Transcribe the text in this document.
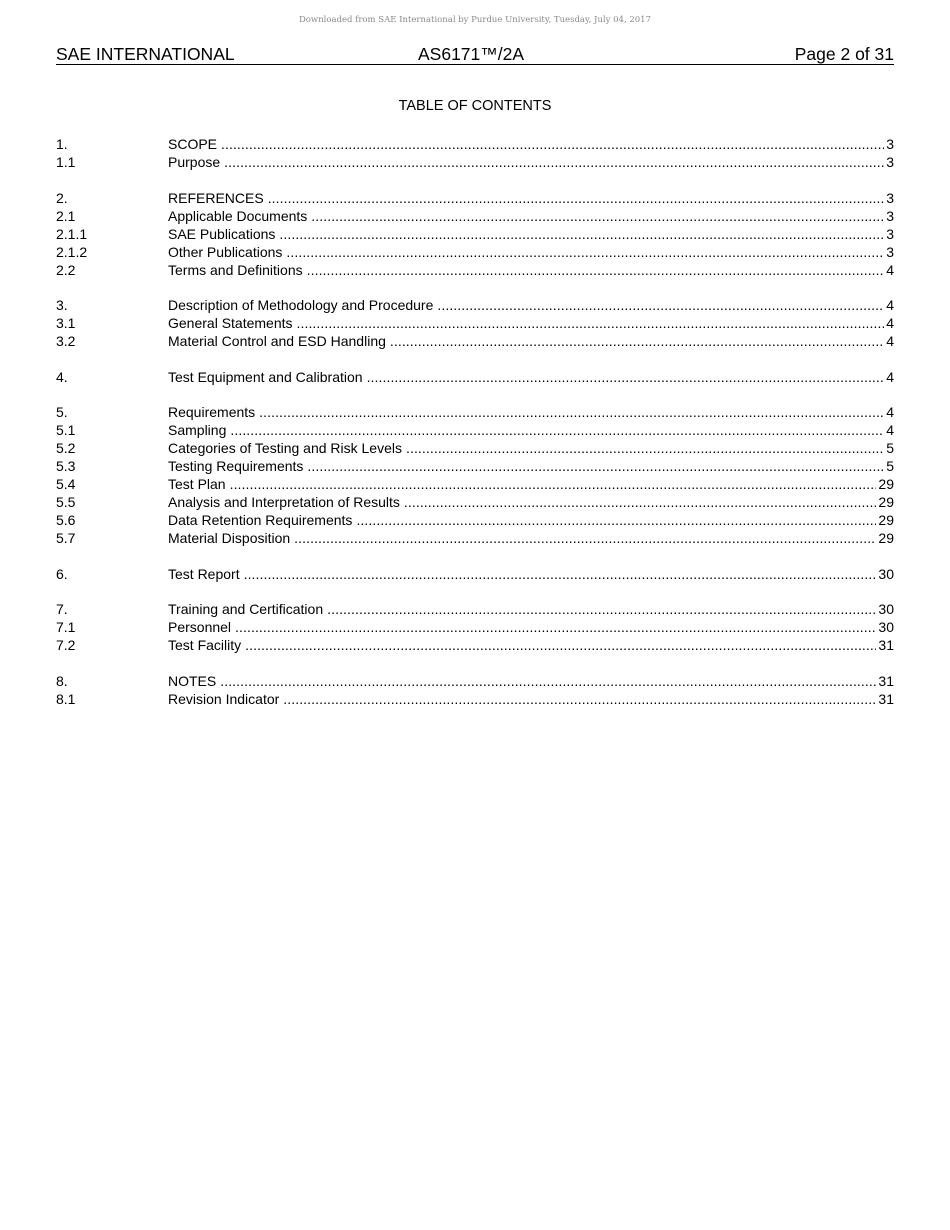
Downloaded from SAE International by Purdue University, Tuesday, July 04, 2017
SAE INTERNATIONAL	AS6171™/2A	Page 2 of 31
TABLE OF CONTENTS
1.	SCOPE . . .	3
1.1	Purpose . . .	3
2.	REFERENCES . . .	3
2.1	Applicable Documents . . .	3
2.1.1	SAE Publications . . .	3
2.1.2	Other Publications . . .	3
2.2	Terms and Definitions . . .	4
3.	Description of Methodology and Procedure . . .	4
3.1	General Statements . . .	4
3.2	Material Control and ESD Handling . . .	4
4.	Test Equipment and Calibration . . .	4
5.	Requirements . . .	4
5.1	Sampling . . .	4
5.2	Categories of Testing and Risk Levels . . .	5
5.3	Testing Requirements . . .	5
5.4	Test Plan . . .	29
5.5	Analysis and Interpretation of Results . . .	29
5.6	Data Retention Requirements . . .	29
5.7	Material Disposition . . .	29
6.	Test Report . . .	30
7.	Training and Certification . . .	30
7.1	Personnel . . .	30
7.2	Test Facility . . .	31
8.	NOTES . . .	31
8.1	Revision Indicator . . .	31
